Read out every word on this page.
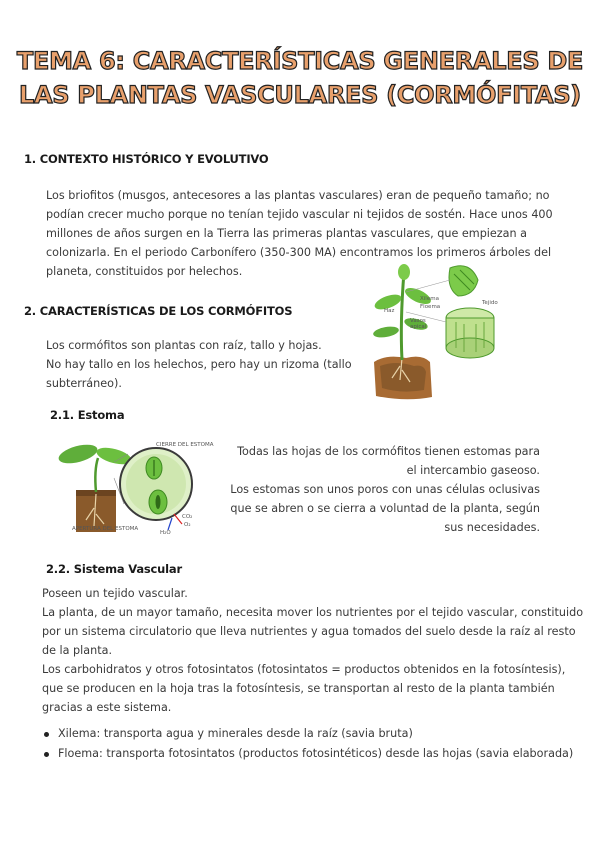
TEMA 6: CARACTERÍSTICAS GENERALES DE
LAS PLANTAS VASCULARES (CORMÓFITAS)
1. CONTEXTO HISTÓRICO Y EVOLUTIVO
Los briofitos (musgos, antecesores a las plantas vasculares) eran de pequeño tamaño; no
podían crecer mucho porque no tenían tejido vascular ni tejidos de sostén. Hace unos 400
millones de años surgen en la Tierra las primeras plantas vasculares, que empiezan a
colonizarla. En el periodo Carbonífero (350-300 MA) encontramos los primeros árboles del
planeta, constituidos por helechos.
2. CARACTERÍSTICAS DE LOS CORMÓFITOS
Los cormófitos son plantas con raíz, tallo y hojas.
No hay tallo en los helechos, pero hay un rizoma (tallo
subterráneo).
Xilema
Floema
Haz
Tejido
Vasos
apical
2.1. Estoma
CIERRE DEL ESTOMA
APERTURA DEL ESTOMA
CO₂
O₂
H₂O
Todas las hojas de los cormófitos tienen estomas para
el intercambio gaseoso.
Los estomas son unos poros con unas células oclusivas
que se abren o se cierra a voluntad de la planta, según
sus necesidades.
2.2. Sistema Vascular
Poseen un tejido vascular.
La planta, de un mayor tamaño, necesita mover los nutrientes por el tejido vascular, constituido
por un sistema circulatorio que lleva nutrientes y agua tomados del suelo desde la raíz al resto
de la planta.
Los carbohidratos y otros fotosintatos (fotosintatos = productos obtenidos en la fotosíntesis),
que se producen en la hoja tras la fotosíntesis, se transportan al resto de la planta también
gracias a este sistema.
Xilema: transporta agua y minerales desde la raíz (savia bruta)
Floema: transporta fotosintatos (productos fotosintéticos) desde las hojas (savia elaborada)
